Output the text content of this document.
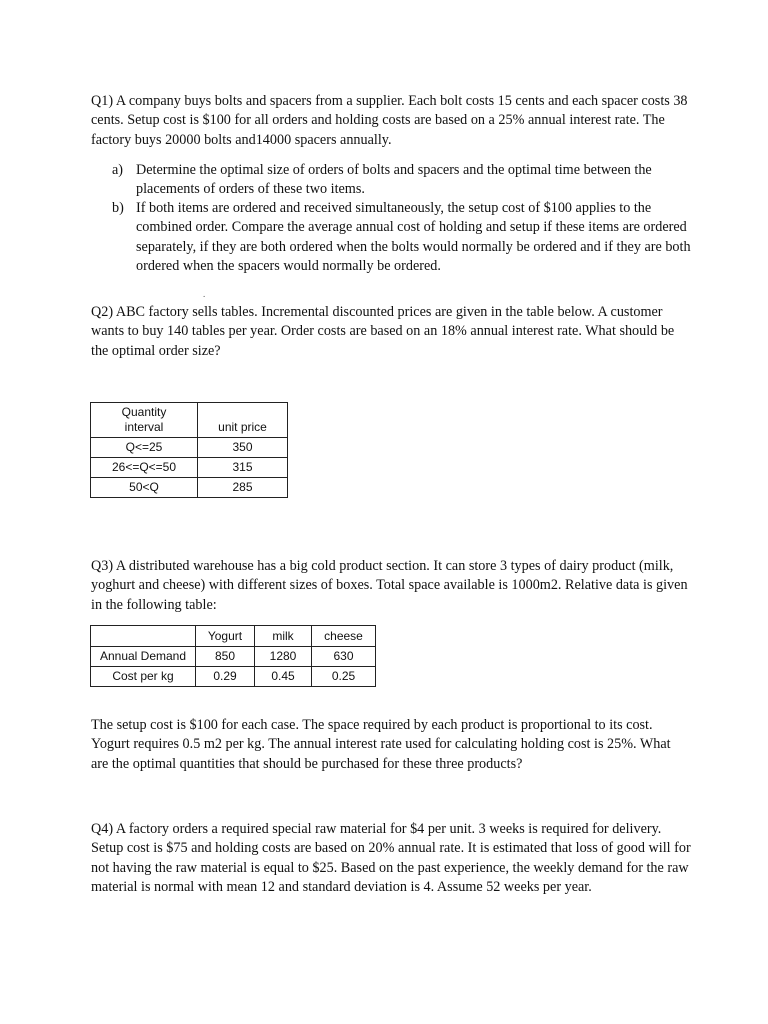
Q1) A company buys bolts and spacers from a supplier. Each bolt costs 15 cents and each spacer costs 38 cents. Setup cost is $100 for all orders and holding costs are based on a 25% annual interest rate. The factory buys 20000 bolts and14000 spacers annually.

a) Determine the optimal size of orders of bolts and spacers and the optimal time between the placements of orders of these two items.
b) If both items are ordered and received simultaneously, the setup cost of $100 applies to the combined order. Compare the average annual cost of holding and setup if these items are ordered separately, if they are both ordered when the bolts would normally be ordered and if they are both ordered when the spacers would normally be ordered.
.

Q2) ABC factory sells tables. Incremental discounted prices are given in the table below. A customer wants to buy 140 tables per year. Order costs are based on an 18% annual interest rate. What should be the optimal order size?

Quantity interval	unit price
Q<=25	350
26<=Q<=50	315
50<Q	285

Q3) A distributed warehouse has a big cold product section. It can store 3 types of dairy product (milk, yoghurt and cheese) with different sizes of boxes. Total space available is 1000m2. Relative data is given in the following table:

	Yogurt	milk	cheese
Annual Demand	850	1280	630
Cost per kg	0.29	0.45	0.25

The setup cost is $100 for each case. The space required by each product is proportional to its cost. Yogurt requires 0.5 m2 per kg. The annual interest rate used for calculating holding cost is 25%. What are the optimal quantities that should be purchased for these three products?

Q4) A factory orders a required special raw material for $4 per unit. 3 weeks is required for delivery. Setup cost is $75 and holding costs are based on 20% annual rate. It is estimated that loss of good will for not having the raw material is equal to $25. Based on the past experience, the weekly demand for the raw material is normal with mean 12 and standard deviation is 4. Assume 52 weeks per year.
